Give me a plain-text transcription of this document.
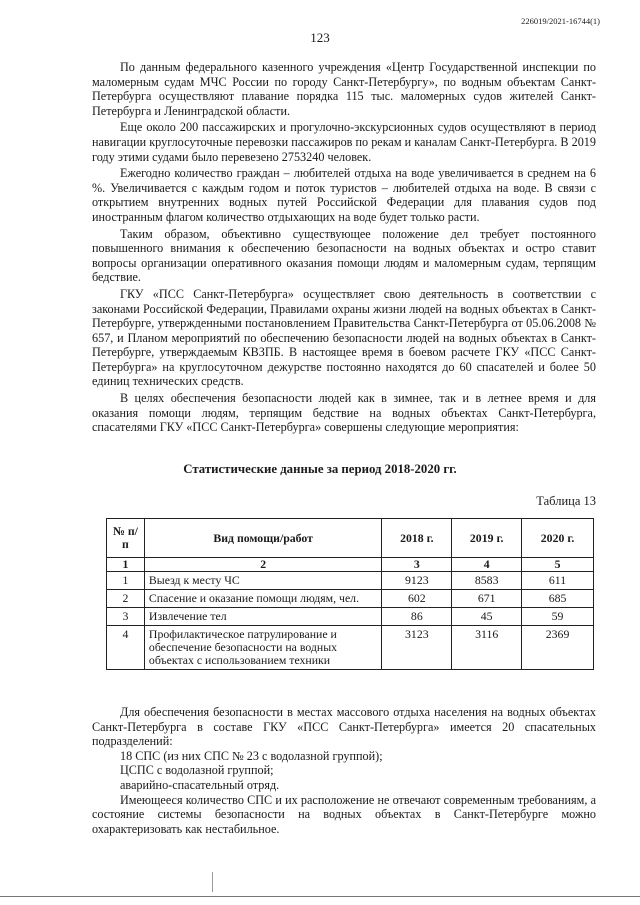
226019/2021-16744(1)
123

По данным федерального казенного учреждения «Центр Государственной инспекции по маломерным судам МЧС России по городу Санкт-Петербургу», по водным объектам Санкт-Петербурга осуществляют плавание порядка 115 тыс. маломерных судов жителей Санкт-Петербурга и Ленинградской области.

Еще около 200 пассажирских и прогулочно-экскурсионных судов осуществляют в период навигации круглосуточные перевозки пассажиров по рекам и каналам Санкт-Петербурга. В 2019 году этими судами было перевезено 2753240 человек.

Ежегодно количество граждан – любителей отдыха на воде увеличивается в среднем на 6 %. Увеличивается с каждым годом и поток туристов – любителей отдыха на воде. В связи с открытием внутренних водных путей Российской Федерации для плавания судов под иностранным флагом количество отдыхающих на воде будет только расти.

Таким образом, объективно существующее положение дел требует постоянного повышенного внимания к обеспечению безопасности на водных объектах и остро ставит вопросы организации оперативного оказания помощи людям и маломерным судам, терпящим бедствие.

ГКУ «ПСС Санкт-Петербурга» осуществляет свою деятельность в соответствии с законами Российской Федерации, Правилами охраны жизни людей на водных объектах в Санкт-Петербурге, утвержденными постановлением Правительства Санкт-Петербурга от 05.06.2008 № 657, и Планом мероприятий по обеспечению безопасности людей на водных объектах в Санкт-Петербурге, утверждаемым КВЗПБ. В настоящее время в боевом расчете ГКУ «ПСС Санкт-Петербурга» на круглосуточном дежурстве постоянно находятся до 60 спасателей и более 50 единиц технических средств.

В целях обеспечения безопасности людей как в зимнее, так и в летнее время и для оказания помощи людям, терпящим бедствие на водных объектах Санкт-Петербурга, спасателями ГКУ «ПСС Санкт-Петербурга» совершены следующие мероприятия:

Статистические данные за период 2018-2020 гг.
Таблица 13
№ п/п	Вид помощи/работ	2018 г.	2019 г.	2020 г.
1	2	3	4	5
1	Выезд к месту ЧС	9123	8583	611
2	Спасение и оказание помощи людям, чел.	602	671	685
3	Извлечение тел	86	45	59
4	Профилактическое патрулирование и обеспечение безопасности на водных объектах с использованием техники	3123	3116	2369

Для обеспечения безопасности в местах массового отдыха населения на водных объектах Санкт-Петербурга в составе ГКУ «ПСС Санкт-Петербурга» имеется 20 спасательных подразделений:

18 СПС (из них СПС № 23 с водолазной группой);

ЦСПС с водолазной группой;

аварийно-спасательный отряд.

Имеющееся количество СПС и их расположение не отвечают современным требованиям, а состояние системы безопасности на водных объектах в Санкт-Петербурге можно охарактеризовать как нестабильное.
